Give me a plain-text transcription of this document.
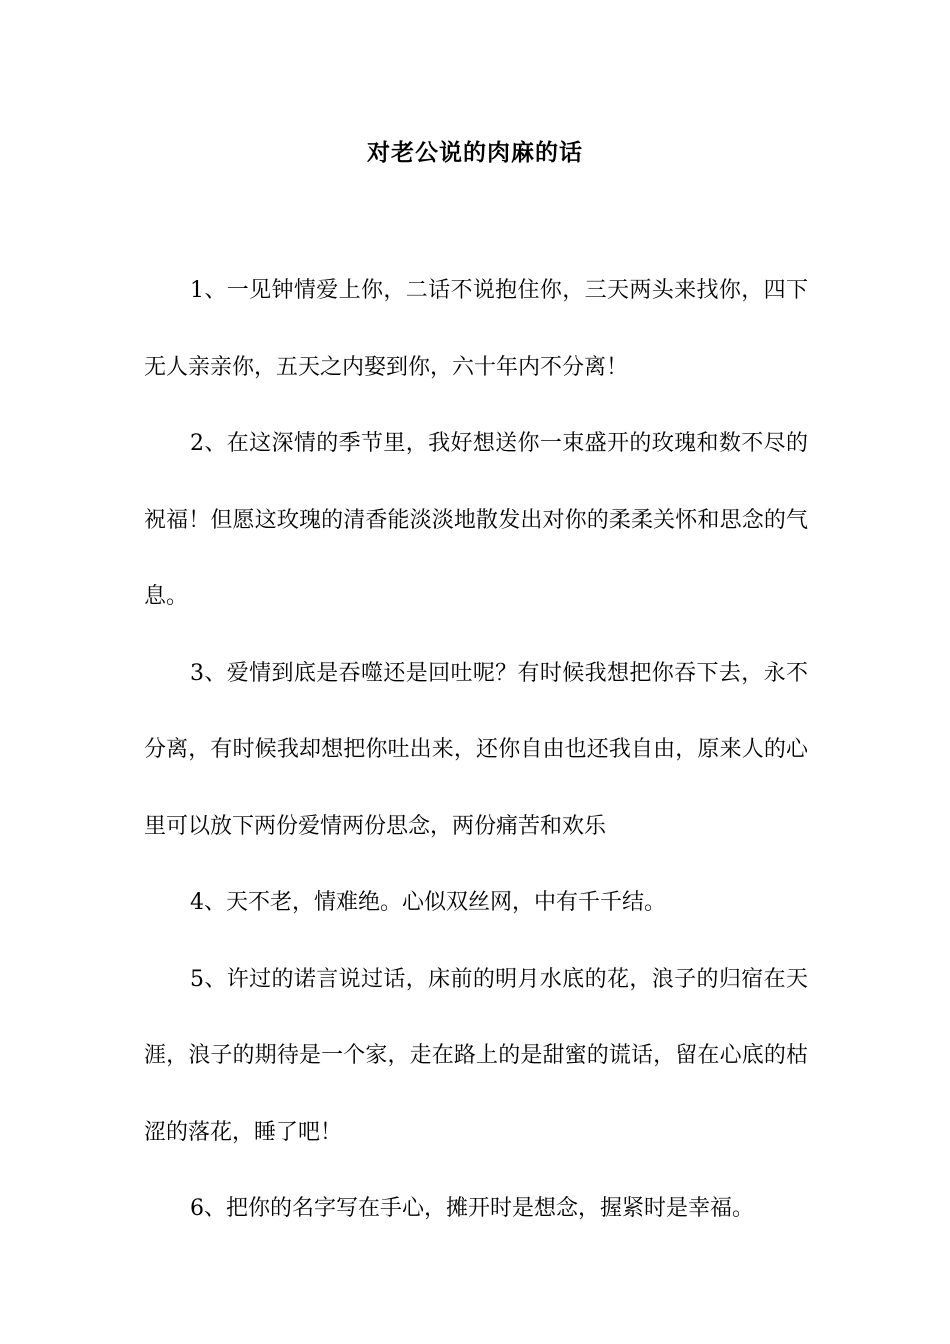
对老公说的肉麻的话

1、一见钟情爱上你，二话不说抱住你，三天两头来找你，四下无人亲亲你，五天之内娶到你，六十年内不分离！

2、在这深情的季节里，我好想送你一束盛开的玫瑰和数不尽的祝福！但愿这玫瑰的清香能淡淡地散发出对你的柔柔关怀和思念的气息。

3、爱情到底是吞噬还是回吐呢？有时候我想把你吞下去，永不分离，有时候我却想把你吐出来，还你自由也还我自由，原来人的心里可以放下两份爱情两份思念，两份痛苦和欢乐

4、天不老，情难绝。心似双丝网，中有千千结。

5、许过的诺言说过话，床前的明月水底的花，浪子的归宿在天涯，浪子的期待是一个家，走在路上的是甜蜜的谎话，留在心底的枯涩的落花，睡了吧！

6、把你的名字写在手心，摊开时是想念，握紧时是幸福。
